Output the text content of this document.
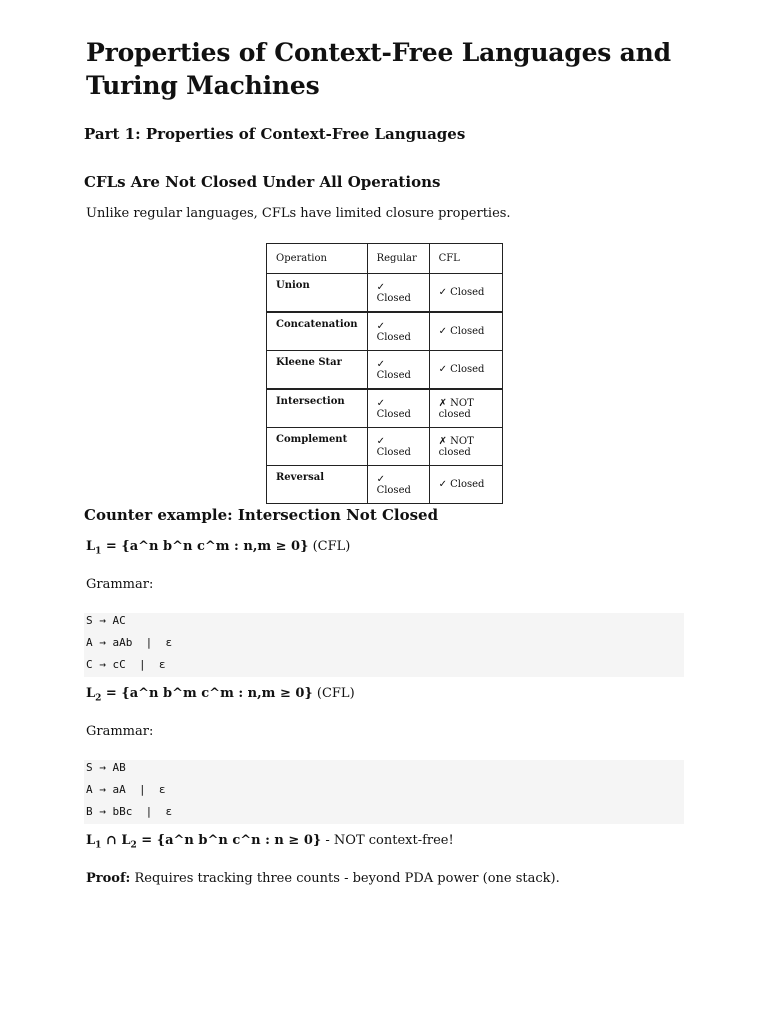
Properties of Context-Free Languages and Turing Machines

Part 1: Properties of Context-Free Languages

CFLs Are Not Closed Under All Operations

Unlike regular languages, CFLs have limited closure properties.

Operation	Regular	CFL
Union	✓ Closed	✓ Closed
Concatenation	✓ Closed	✓ Closed
Kleene Star	✓ Closed	✓ Closed
Intersection	✓ Closed	✗ NOT closed
Complement	✓ Closed	✗ NOT closed
Reversal	✓ Closed	✓ Closed

Counter example: Intersection Not Closed

$L_1$ = {a^n b^n c^m : n,m ≥ 0} (CFL)

Grammar:

S → AC
A → aAb  |  ε
C → cC  |  ε

$L_2$ = {a^n b^m c^m : n,m ≥ 0} (CFL)

Grammar:

S → AB
A → aA  |  ε
B → bBc  |  ε

$L_1$ ∩ $L_2$ = {a^n b^n c^n : n ≥ 0} - NOT context-free!

Proof: Requires tracking three counts - beyond PDA power (one stack).
